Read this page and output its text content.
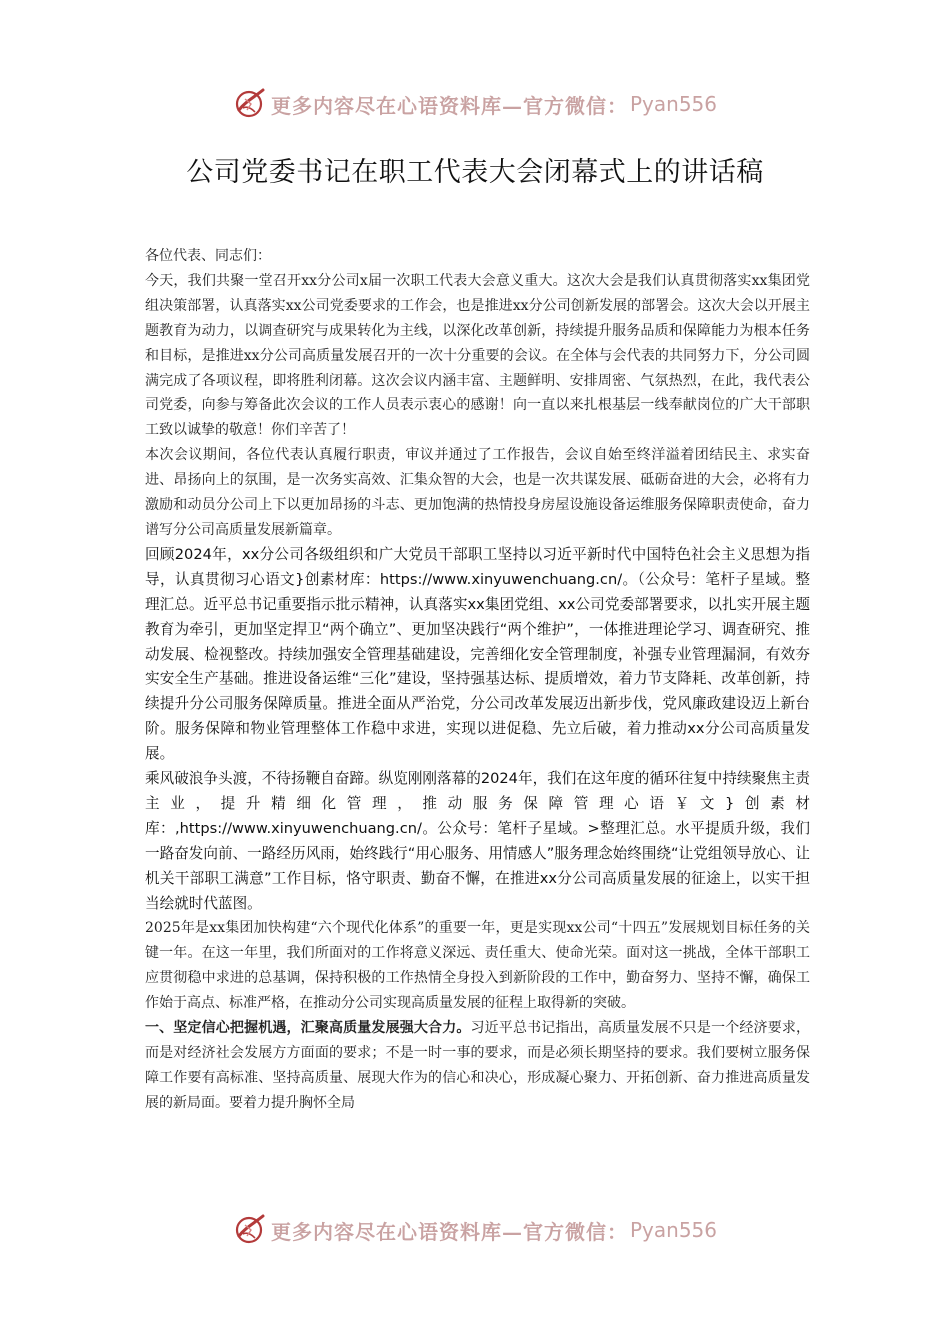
更多内容尽在心语资料库—官方微信： Pyan556
公司党委书记在职工代表大会闭幕式上的讲话稿

各位代表、同志们：

今天，我们共聚一堂召开xx分公司x届一次职工代表大会意义重大。这次大会是我们认真贯彻落实xx集团党组决策部署，认真落实xx公司党委要求的工作会，也是推进xx分公司创新发展的部署会。这次大会以开展主题教育为动力，以调查研究与成果转化为主线，以深化改革创新，持续提升服务品质和保障能力为根本任务和目标，是推进xx分公司高质量发展召开的一次十分重要的会议。在全体与会代表的共同努力下，分公司圆满完成了各项议程，即将胜利闭幕。这次会议内涵丰富、主题鲜明、安排周密、气氛热烈，在此，我代表公司党委，向参与筹备此次会议的工作人员表示衷心的感谢！向一直以来扎根基层一线奉献岗位的广大干部职工致以诚挚的敬意！你们辛苦了！

本次会议期间，各位代表认真履行职责，审议并通过了工作报告，会议自始至终洋溢着团结民主、求实奋进、昂扬向上的氛围，是一次务实高效、汇集众智的大会，也是一次共谋发展、砥砺奋进的大会，必将有力激励和动员分公司上下以更加昂扬的斗志、更加饱满的热情投身房屋设施设备运维服务保障职责使命，奋力谱写分公司高质量发展新篇章。

回顾2024年，xx分公司各级组织和广大党员干部职工坚持以习近平新时代中国特色社会主义思想为指导，认真贯彻习心语文}创素材库：https://www.xinyuwenchuang.cn/。（公众号：笔杆子星域。整理汇总。近平总书记重要指示批示精神，认真落实xx集团党组、xx公司党委部署要求，以扎实开展主题教育为牵引，更加坚定捍卫“两个确立”、更加坚决践行“两个维护”，一体推进理论学习、调查研究、推动发展、检视整改。持续加强安全管理基础建设，完善细化安全管理制度，补强专业管理漏洞，有效夯实安全生产基础。推进设备运维“三化”建设，坚持强基达标、提质增效，着力节支降耗、改革创新，持续提升分公司服务保障质量。推进全面从严治党，分公司改革发展迈出新步伐，党风廉政建设迈上新台阶。服务保障和物业管理整体工作稳中求进，实现以进促稳、先立后破，着力推动xx分公司高质量发展。

乘风破浪争头渡，不待扬鞭自奋蹄。纵览刚刚落幕的2024年，我们在这年度的循环往复中持续聚焦主责主业，提升精细化管理，推动服务保障管理心语￥文}创素材库：,https://www.xinyuwenchuang.cn/。公众号：笔杆子星域。>整理汇总。水平提质升级，我们一路奋发向前、一路经历风雨，始终践行“用心服务、用情感人”服务理念始终围绕“让党组领导放心、让机关干部职工满意”工作目标，恪守职责、勤奋不懈，在推进xx分公司高质量发展的征途上，以实干担当绘就时代蓝图。

2025年是xx集团加快构建“六个现代化体系”的重要一年，更是实现xx公司“十四五”发展规划目标任务的关键一年。在这一年里，我们所面对的工作将意义深远、责任重大、使命光荣。面对这一挑战，全体干部职工应贯彻稳中求进的总基调，保持积极的工作热情全身投入到新阶段的工作中，勤奋努力、坚持不懈，确保工作始于高点、标准严格，在推动分公司实现高质量发展的征程上取得新的突破。

一、坚定信心把握机遇，汇聚高质量发展强大合力。习近平总书记指出，高质量发展不只是一个经济要求，而是对经济社会发展方方面面的要求；不是一时一事的要求，而是必须长期坚持的要求。我们要树立服务保障工作要有高标准、坚持高质量、展现大作为的信心和决心，形成凝心聚力、开拓创新、奋力推进高质量发展的新局面。要着力提升胸怀全局

更多内容尽在心语资料库—官方微信： Pyan556
